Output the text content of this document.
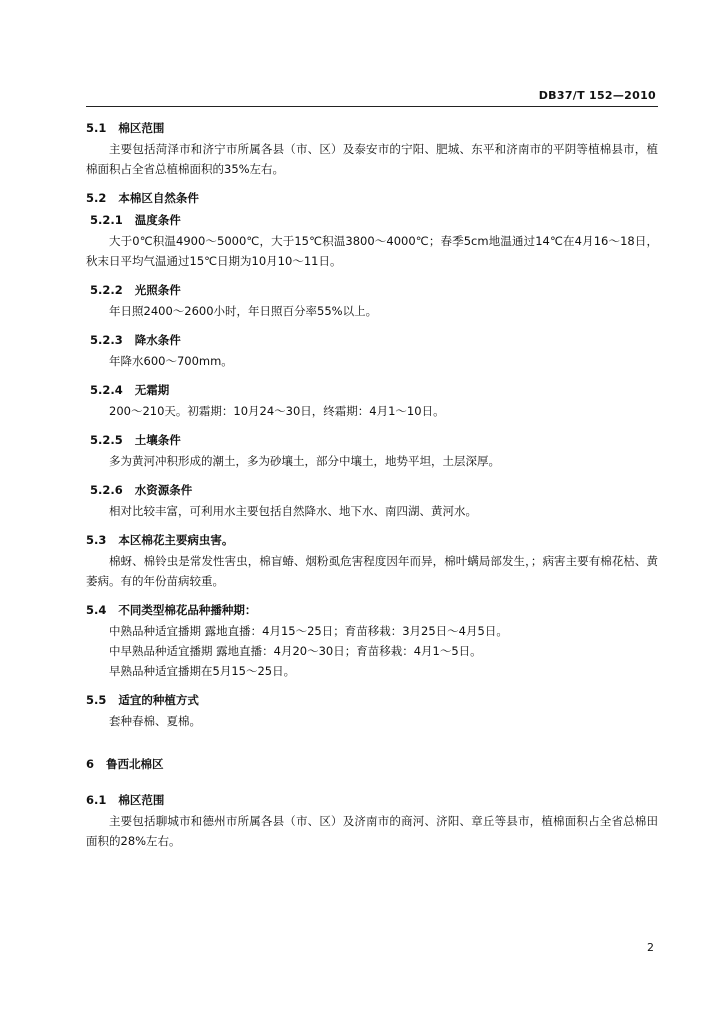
DB37/T 152—2010
5.1 棉区范围

主要包括菏泽市和济宁市所属各县（市、区）及泰安市的宁阳、肥城、东平和济南市的平阴等植棉县市，植棉面积占全省总植棉面积的35%左右。

5.2 本棉区自然条件
5.2.1 温度条件

大于0℃积温4900～5000℃，大于15℃积温3800～4000℃；春季5cm地温通过14℃在4月16～18日，秋末日平均气温通过15℃日期为10月10～11日。

5.2.2 光照条件

年日照2400～2600小时，年日照百分率55%以上。

5.2.3 降水条件

年降水600～700mm。

5.2.4 无霜期

200～210天。初霜期：10月24～30日，终霜期：4月1～10日。

5.2.5 土壤条件

多为黄河冲积形成的潮土，多为砂壤土，部分中壤土，地势平坦，土层深厚。

5.2.6 水资源条件

相对比较丰富，可利用水主要包括自然降水、地下水、南四湖、黄河水。

5.3 本区棉花主要病虫害。

棉蚜、棉铃虫是常发性害虫，棉盲蝽、烟粉虱危害程度因年而异，棉叶螨局部发生，；病害主要有棉花枯、黄萎病。有的年份苗病较重。

5.4 不同类型棉花品种播种期：

中熟品种适宜播期 露地直播：4月15～25日；育苗移栽：3月25日～4月5日。

中早熟品种适宜播期 露地直播：4月20～30日；育苗移栽：4月1～5日。

早熟品种适宜播期在5月15～25日。

5.5 适宜的种植方式

套种春棉、夏棉。

6 鲁西北棉区
6.1 棉区范围

主要包括聊城市和德州市所属各县（市、区）及济南市的商河、济阳、章丘等县市，植棉面积占全省总棉田面积的28%左右。

2
